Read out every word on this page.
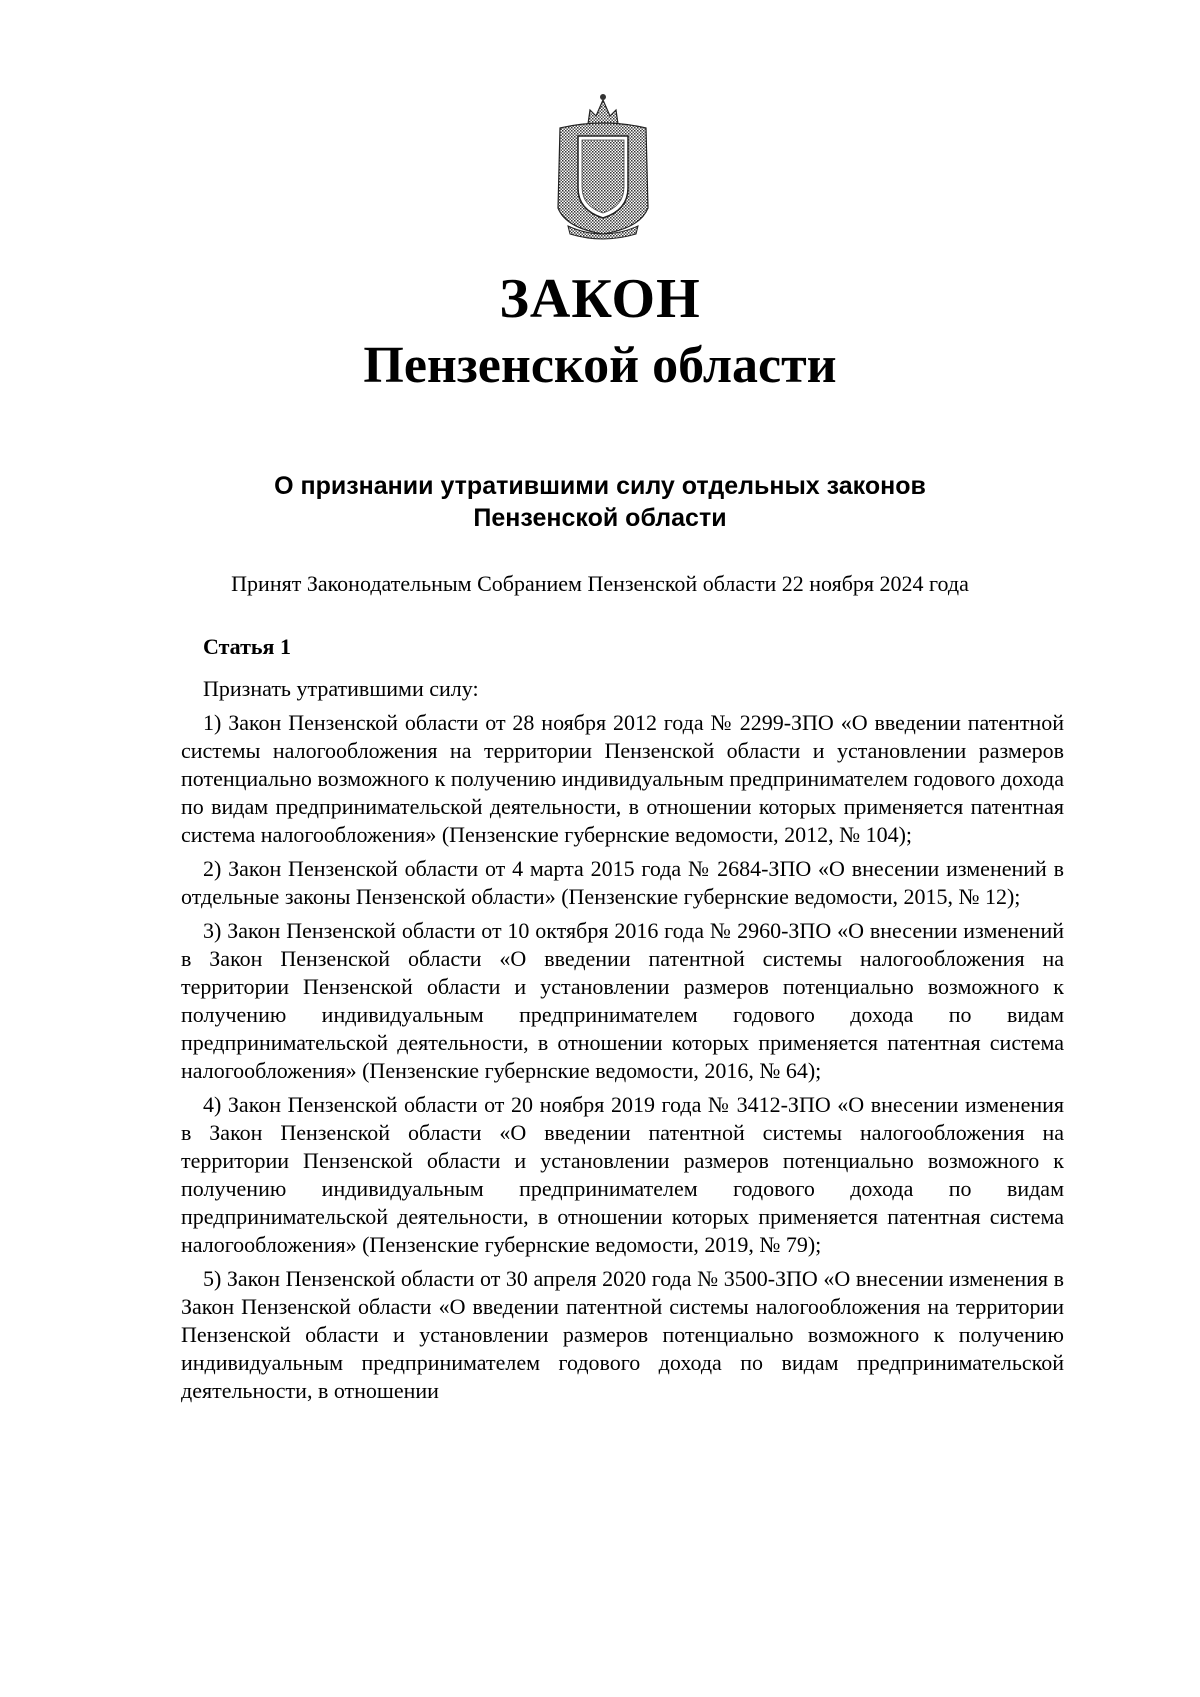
ЗАКОН
Пензенской области
О признании утратившими силу отдельных законов
Пензенской области
Принят Законодательным Собранием Пензенской области 22 ноября 2024 года
Статья 1

Признать утратившими силу:

1) Закон Пензенской области от 28 ноября 2012 года № 2299-ЗПО «О введении патентной системы налогообложения на территории Пензенской области и установлении размеров потенциально возможного к получению индивидуальным предпринимателем годового дохода по видам предпринимательской деятельности, в отношении которых применяется патентная система налогообложения» (Пензенские губернские ведомости, 2012, № 104);

2) Закон Пензенской области от 4 марта 2015 года № 2684-ЗПО «О внесении изменений в отдельные законы Пензенской области» (Пензенские губернские ведомости, 2015, № 12);

3) Закон Пензенской области от 10 октября 2016 года № 2960-ЗПО «О внесении изменений в Закон Пензенской области «О введении патентной системы налогообложения на территории Пензенской области и установлении размеров потенциально возможного к получению индивидуальным предпринимателем годового дохода по видам предпринимательской деятельности, в отношении которых применяется патентная система налогообложения» (Пензенские губернские ведомости, 2016, № 64);

4) Закон Пензенской области от 20 ноября 2019 года № 3412-ЗПО «О внесении изменения в Закон Пензенской области «О введении патентной системы налогообложения на территории Пензенской области и установлении размеров потенциально возможного к получению индивидуальным предпринимателем годового дохода по видам предпринимательской деятельности, в отношении которых применяется патентная система налогообложения» (Пензенские губернские ведомости, 2019, № 79);

5) Закон Пензенской области от 30 апреля 2020 года № 3500-ЗПО «О внесении изменения в Закон Пензенской области «О введении патентной системы налогообложения на территории Пензенской области и установлении размеров потенциально возможного к получению индивидуальным предпринимателем годового дохода по видам предпринимательской деятельности, в отношении
